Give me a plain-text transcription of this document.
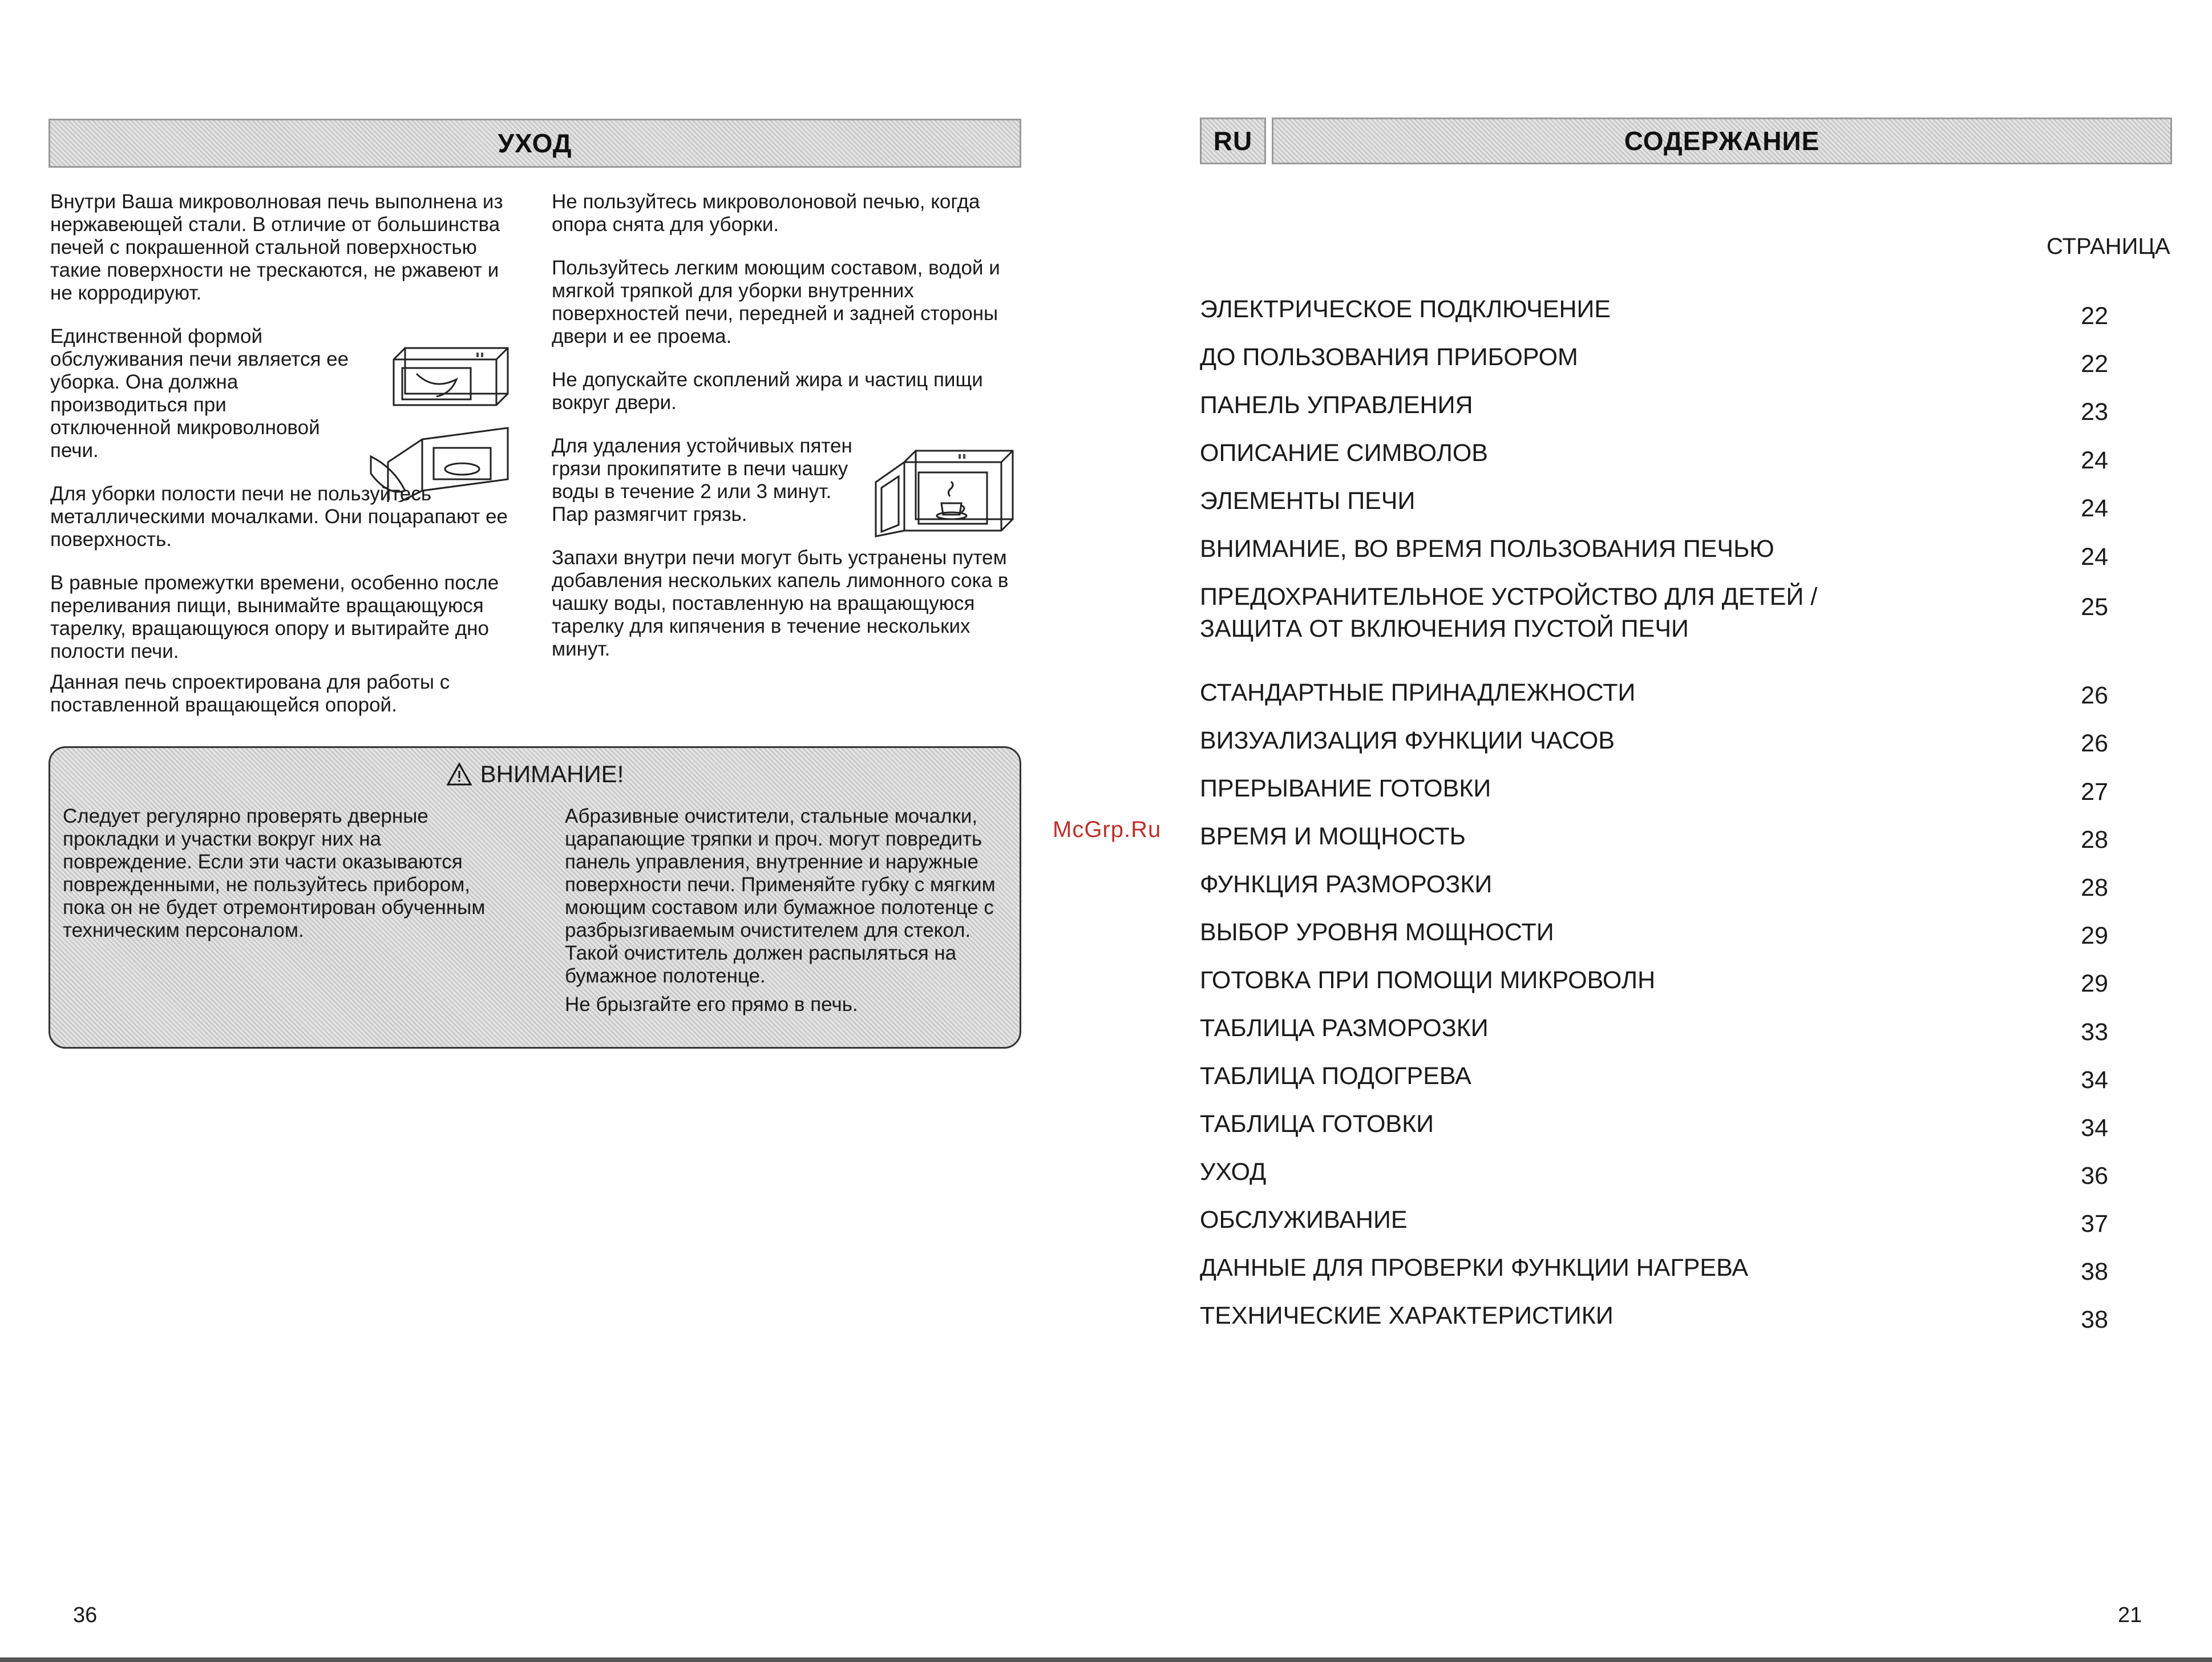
УХОД

Внутри Ваша микроволновая печь выполнена из нержавеющей стали. В отличие от большинства печей с покрашенной стальной поверхностью такие поверхности не трескаются, не ржавеют и не корродируют.

Единственной формой обслуживания печи является ее уборка. Она должна производиться при отключенной микроволновой печи.

Для уборки полости печи не пользуйтесь металлическими мочалками. Они поцарапают ее поверхность.

В равные промежутки времени, особенно после переливания пищи, вынимайте вращающуюся тарелку, вращающуюся опору и вытирайте дно полости печи.

Данная печь спроектирована для работы с поставленной вращающейся опорой.

Не пользуйтесь микроволоновой печью, когда опора снята для уборки.

Пользуйтесь легким моющим составом, водой и мягкой тряпкой для уборки внутренних поверхностей печи, передней и задней стороны двери и ее проема.

Не допускайте скоплений жира и частиц пищи вокруг двери.

Для удаления устойчивых пятен грязи прокипятите в печи чашку воды в течение 2 или 3 минут. Пар размягчит грязь.

Запахи внутри печи могут быть устранены путем добавления нескольких капель лимонного сока в чашку воды, поставленную на вращающуюся тарелку для кипячения в течение нескольких минут.

ВНИМАНИЕ!

Следует регулярно проверять дверные прокладки и участки вокруг них на повреждение. Если эти части оказываются поврежденными, не пользуйтесь прибором, пока он не будет отремонтирован обученным техническим персоналом.

Абразивные очистители, стальные мочалки, царапающие тряпки и проч. могут повредить панель управления, внутренние и наружные поверхности печи. Применяйте губку с мягким моющим составом или бумажное полотенце с разбрызгиваемым очистителем для стекол. Такой очиститель должен распыляться на бумажное полотенце.

Не брызгайте его прямо в печь.

36
McGrp.Ru
RU	СОДЕРЖАНИЕ
СТРАНИЦА
ЭЛЕКТРИЧЕСКОЕ ПОДКЛЮЧЕНИЕ	22
ДО ПОЛЬЗОВАНИЯ ПРИБОРОМ	22
ПАНЕЛЬ УПРАВЛЕНИЯ	23
ОПИСАНИЕ СИМВОЛОВ	24
ЭЛЕМЕНТЫ ПЕЧИ	24
ВНИМАНИЕ, ВО ВРЕМЯ ПОЛЬЗОВАНИЯ ПЕЧЬЮ	24
ПРЕДОХРАНИТЕЛЬНОЕ УСТРОЙСТВО ДЛЯ ДЕТЕЙ /
ЗАЩИТА ОТ ВКЛЮЧЕНИЯ ПУСТОЙ ПЕЧИ
25
СТАНДАРТНЫЕ ПРИНАДЛЕЖНОСТИ	26
ВИЗУАЛИЗАЦИЯ ФУНКЦИИ ЧАСОВ	26
ПРЕРЫВАНИЕ ГОТОВКИ	27
ВРЕМЯ И МОЩНОСТЬ	28
ФУНКЦИЯ РАЗМОРОЗКИ	28
ВЫБОР УРОВНЯ МОЩНОСТИ	29
ГОТОВКА ПРИ ПОМОЩИ МИКРОВОЛН	29
ТАБЛИЦА РАЗМОРОЗКИ	33
ТАБЛИЦА ПОДОГРЕВА	34
ТАБЛИЦА ГОТОВКИ	34
УХОД	36
ОБСЛУЖИВАНИЕ	37
ДАННЫЕ ДЛЯ ПРОВЕРКИ ФУНКЦИИ НАГРЕВА	38
ТЕХНИЧЕСКИЕ ХАРАКТЕРИСТИКИ	38
21
